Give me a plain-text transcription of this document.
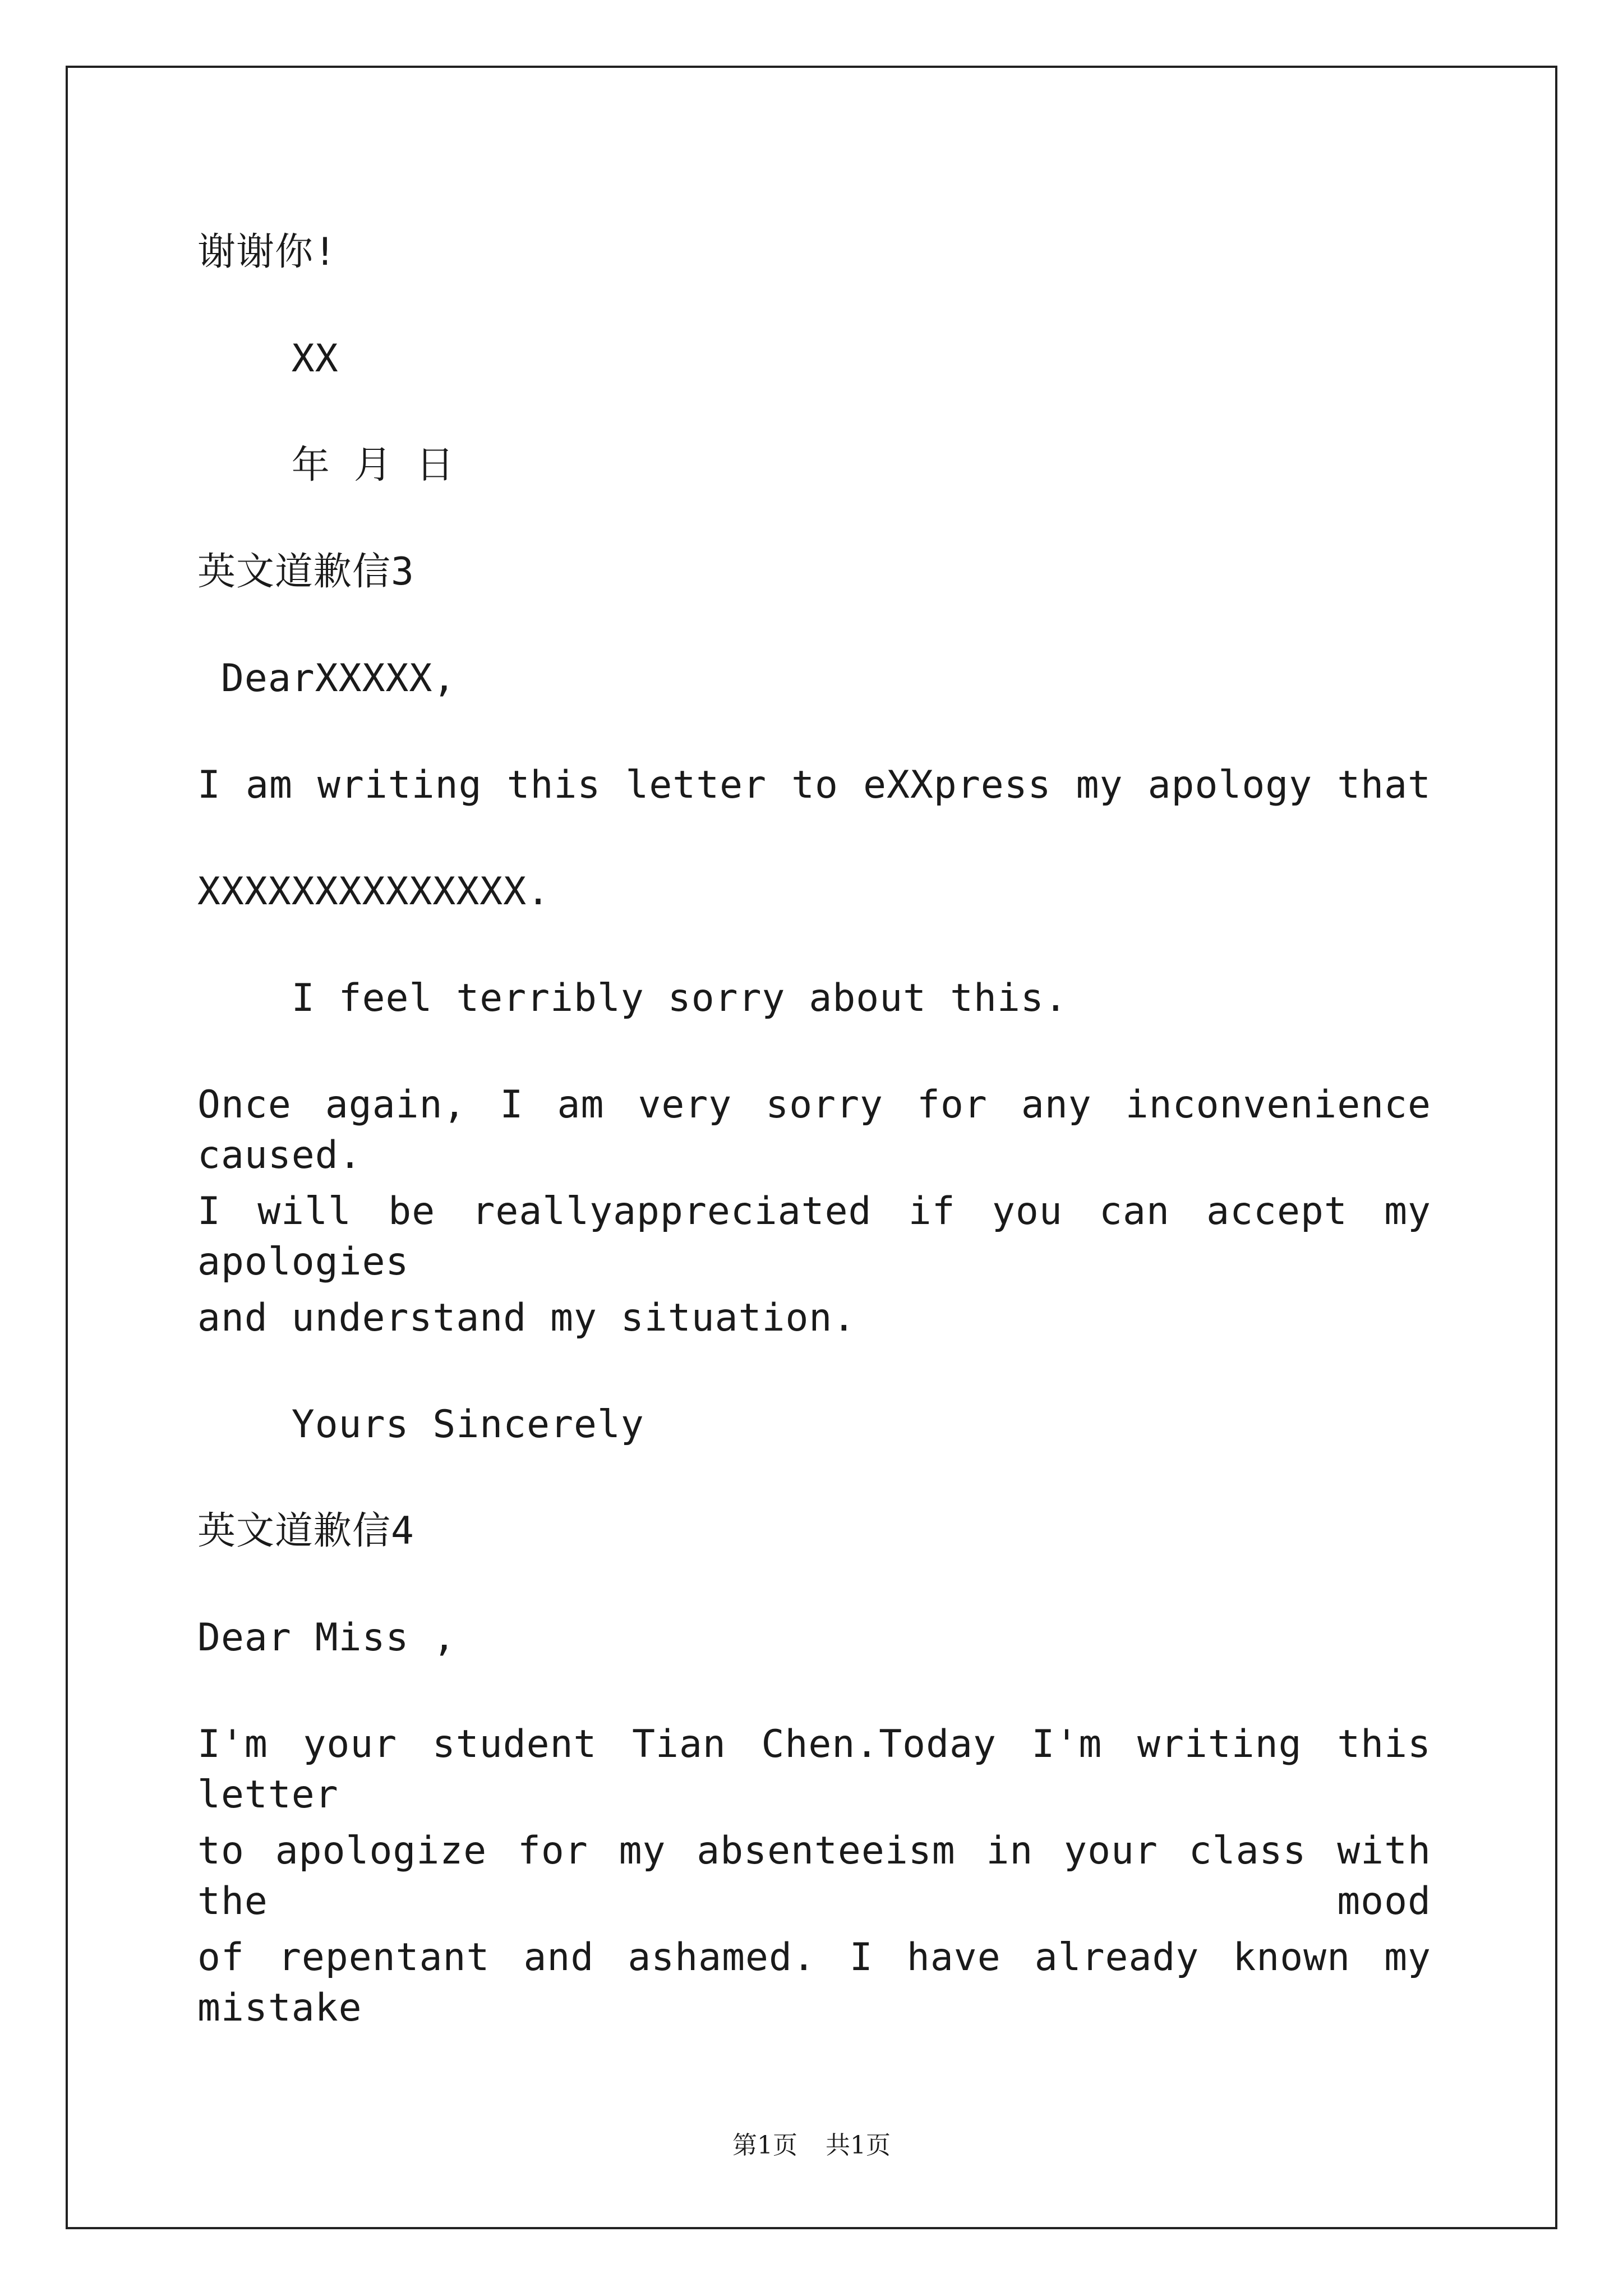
谢谢你!
XX
年 月 日
英文道歉信3
DearXXXXX,
I am writing this letter to eXXpress my apology that
XXXXXXXXXXXXXX.
I feel terribly sorry about this.
Once again, I am very sorry for any inconvenience caused.
I will be reallyappreciated if you can accept my apologies
and understand my situation.
Yours Sincerely
英文道歉信4
Dear Miss ,
I'm your student Tian Chen.Today I'm writing this letter
to apologize for my absenteeism in your class with the mood
of repentant and ashamed. I have already known my mistake
第1页 共1页
